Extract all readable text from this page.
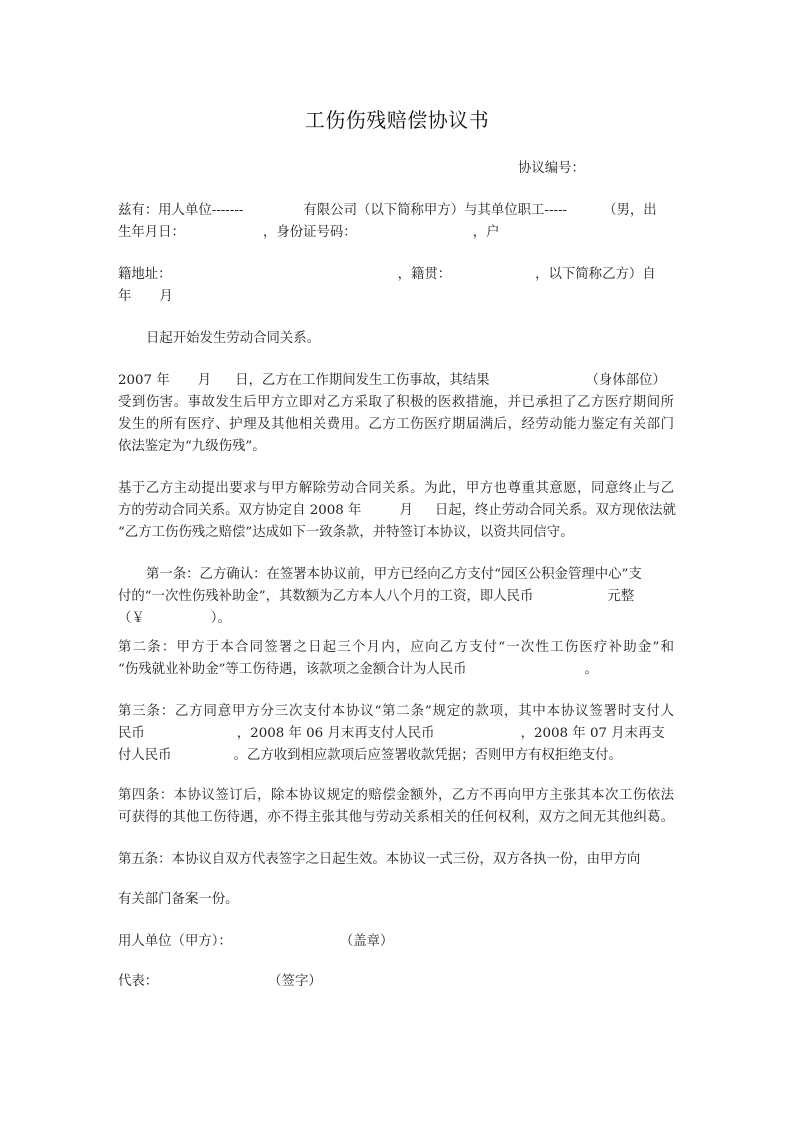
工伤伤残赔偿协议书
协议编号：
兹有：用人单位-------	有限公司（以下简称甲方）与其单位职工-----	（男，出
生年月日：	，身份证号码：	，户
籍地址：	，籍贯：	，以下简称乙方）自
年 月
日起开始发生劳动合同关系。
2007 年 月 日，乙方在工作期间发生工伤事故，其结果	（身体部位）
受到伤害。事故发生后甲方立即对乙方采取了积极的医救措施，并已承担了乙方医疗期间所
发生的所有医疗、护理及其他相关费用。乙方工伤医疗期届满后，经劳动能力鉴定有关部门
依法鉴定为“九级伤残”。
基于乙方主动提出要求与甲方解除劳动合同关系。为此，甲方也尊重其意愿，同意终止与乙
方的劳动合同关系。双方协定自 2008 年	月 日起，终止劳动合同关系。双方现依法就
“乙方工伤伤残之赔偿”达成如下一致条款，并特签订本协议，以资共同信守。
第一条：乙方确认：在签署本协议前，甲方已经向乙方支付“园区公积金管理中心”支
付的“一次性伤残补助金”，其数额为乙方本人八个月的工资，即人民币	元整
（￥	）。
第二条：甲方于本合同签署之日起三个月内，应向乙方支付“一次性工伤医疗补助金”和
“伤残就业补助金”等工伤待遇，该款项之金额合计为人民币	。
第三条：乙方同意甲方分三次支付本协议“第二条”规定的款项，其中本协议签署时支付人
民币	，2008 年 06 月末再支付人民币	，2008 年 07 月末再支
付人民币	。乙方收到相应款项后应签署收款凭据；否则甲方有权拒绝支付。
第四条：本协议签订后，除本协议规定的赔偿金额外，乙方不再向甲方主张其本次工伤依法
可获得的其他工伤待遇，亦不得主张其他与劳动关系相关的任何权利，双方之间无其他纠葛。
第五条：本协议自双方代表签字之日起生效。本协议一式三份，双方各执一份，由甲方向
有关部门备案一份。
用人单位（甲方）：	（盖章）
代表：	（签字）
